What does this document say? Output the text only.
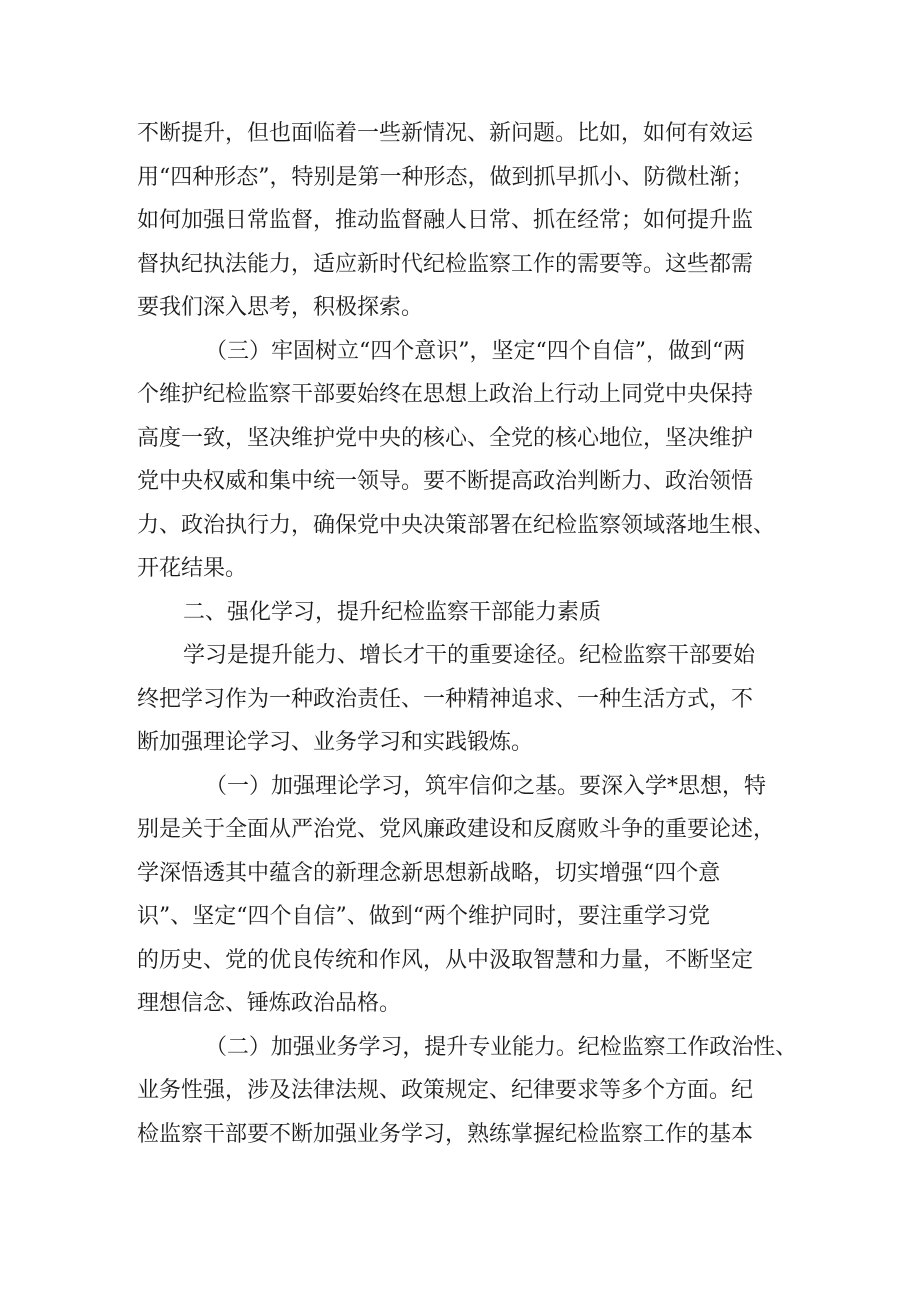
不断提升，但也面临着一些新情况、新问题。比如，如何有效运
用“四种形态”，特别是第一种形态，做到抓早抓小、防微杜渐；
如何加强日常监督，推动监督融人日常、抓在经常；如何提升监
督执纪执法能力，适应新时代纪检监察工作的需要等。这些都需
要我们深入思考，积极探索。
（三）牢固树立“四个意识”，坚定“四个自信”，做到“两
个维护纪检监察干部要始终在思想上政治上行动上同党中央保持
高度一致，坚决维护党中央的核心、全党的核心地位，坚决维护
党中央权威和集中统一领导。要不断提高政治判断力、政治领悟
力、政治执行力，确保党中央决策部署在纪检监察领域落地生根、
开花结果。
二、强化学习，提升纪检监察干部能力素质
学习是提升能力、增长才干的重要途径。纪检监察干部要始
终把学习作为一种政治责任、一种精神追求、一种生活方式，不
断加强理论学习、业务学习和实践锻炼。
（一）加强理论学习，筑牢信仰之基。要深入学*思想，特
别是关于全面从严治党、党风廉政建设和反腐败斗争的重要论述，
学深悟透其中蕴含的新理念新思想新战略，切实增强“四个意
识”、坚定“四个自信”、做到“两个维护同时，要注重学习党
的历史、党的优良传统和作风，从中汲取智慧和力量，不断坚定
理想信念、锤炼政治品格。
（二）加强业务学习，提升专业能力。纪检监察工作政治性、
业务性强，涉及法律法规、政策规定、纪律要求等多个方面。纪
检监察干部要不断加强业务学习，熟练掌握纪检监察工作的基本
